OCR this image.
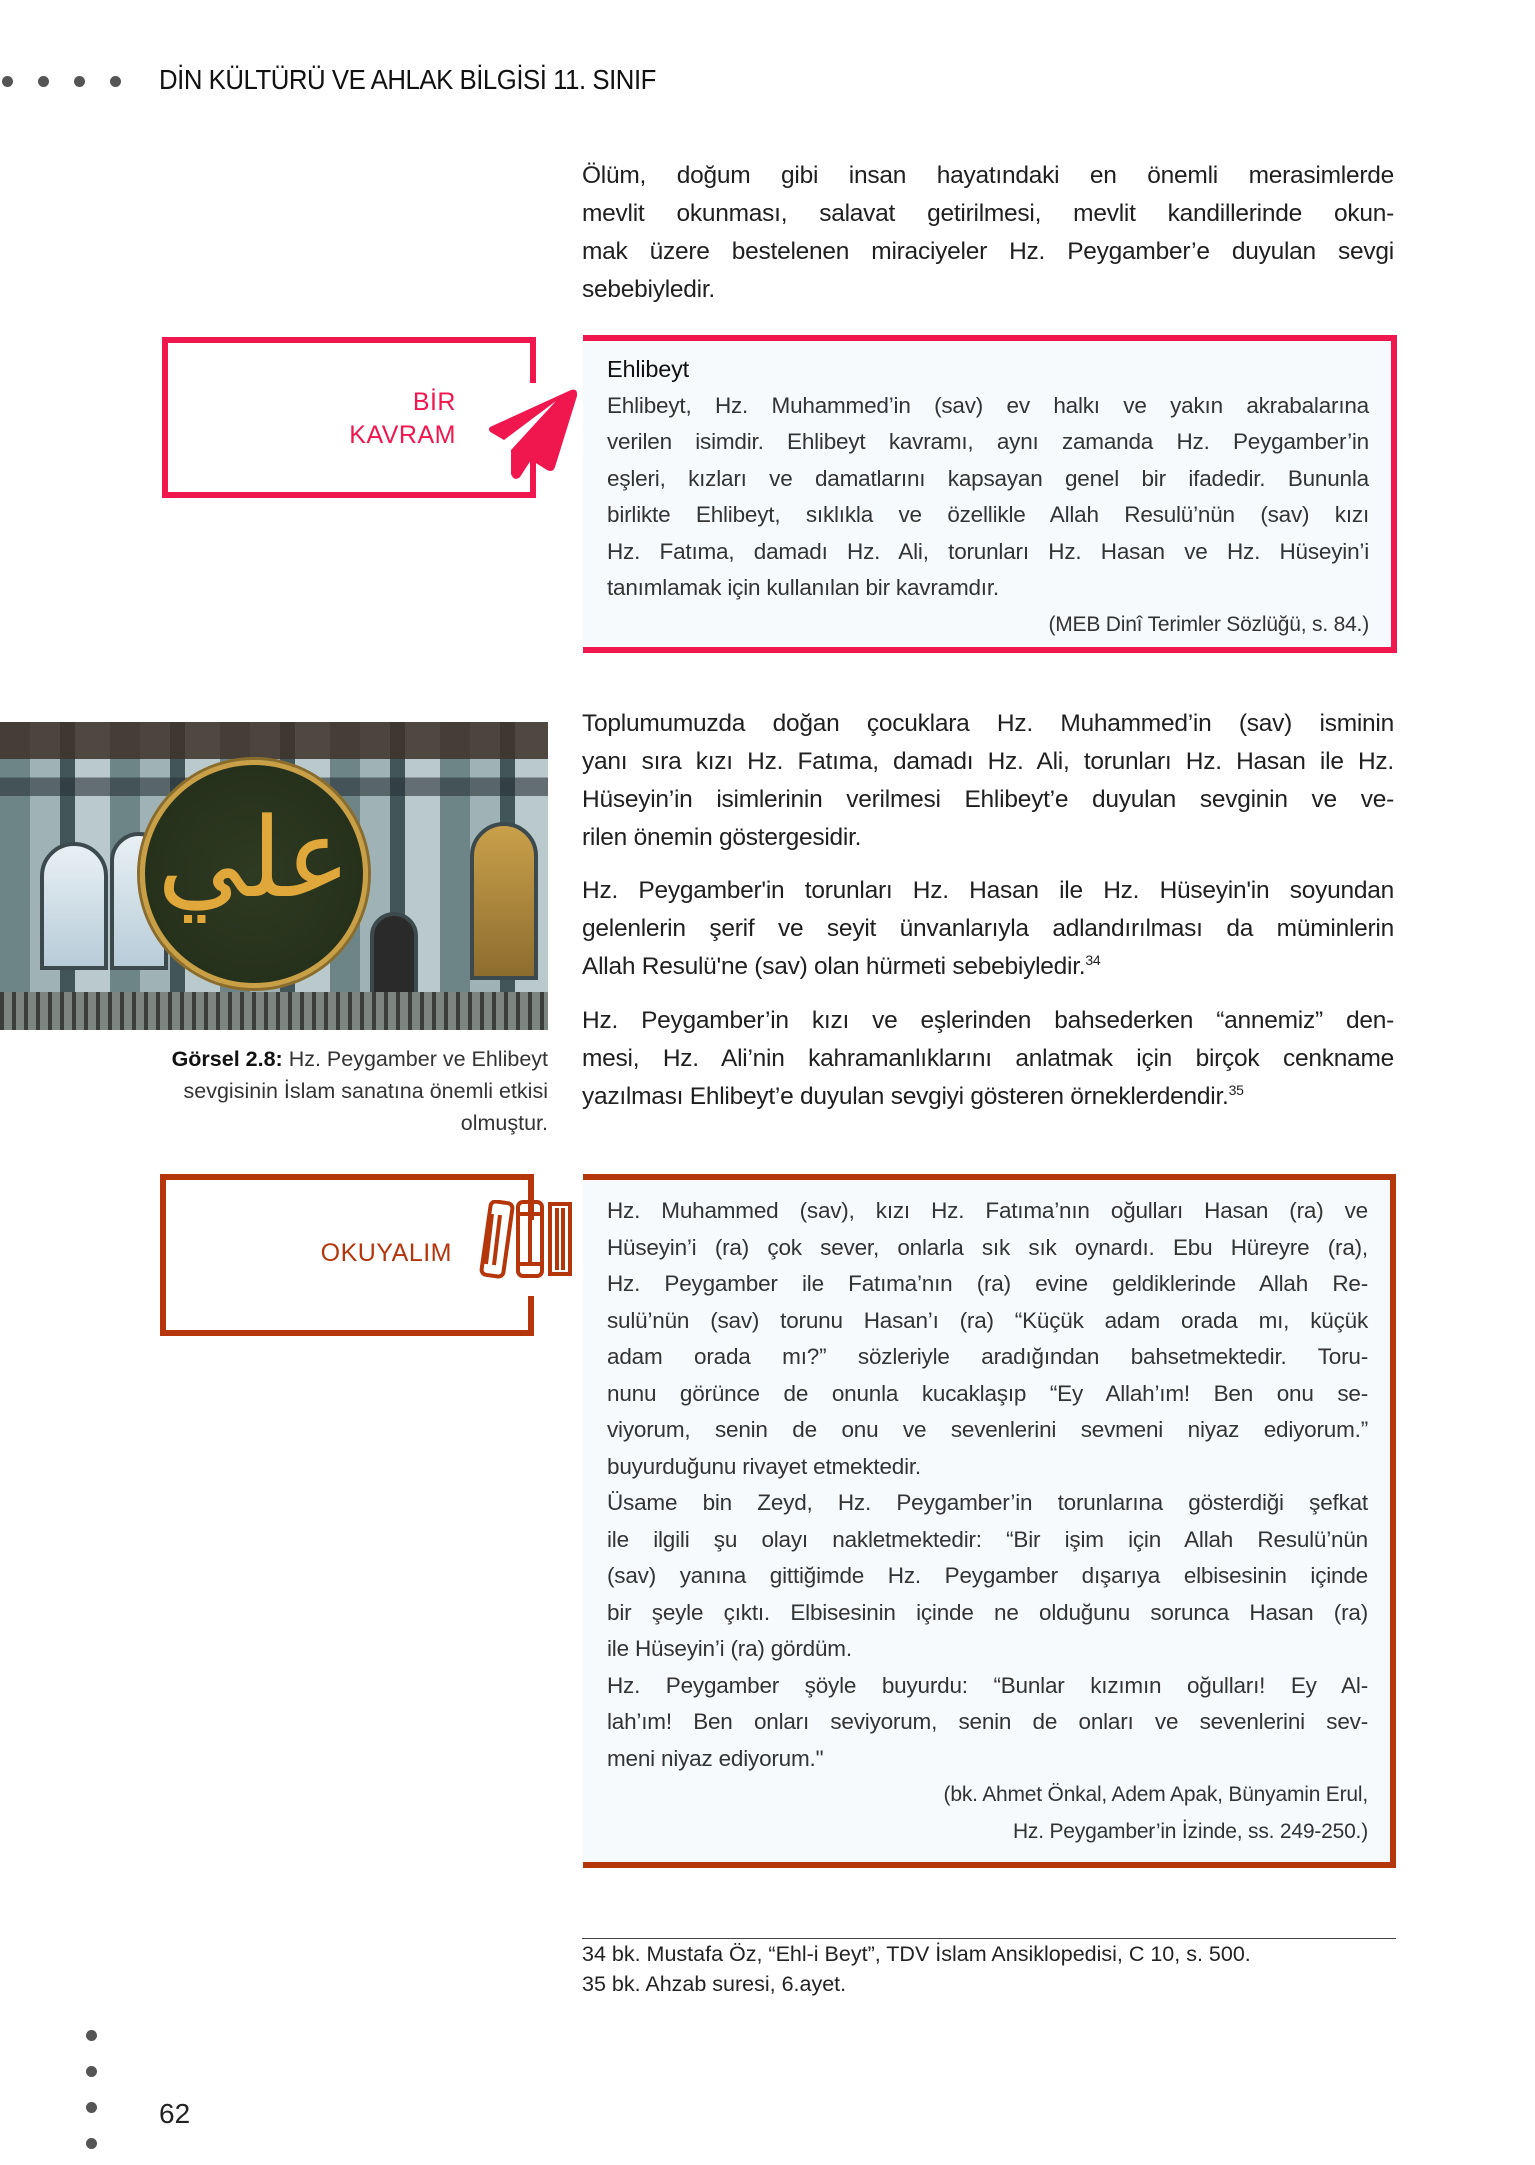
DİN KÜLTÜRÜ VE AHLAK BİLGİSİ 11. SINIF
Ölüm, doğum gibi insan hayatındaki en önemli merasimlerde
mevlit okunması, salavat getirilmesi, mevlit kandillerinde okun-
mak üzere bestelenen miraciyeler Hz. Peygamber’e duyulan sevgi
sebebiyledir.
BİR
KAVRAM
Ehlibeyt
Ehlibeyt, Hz. Muhammed’in (sav) ev halkı ve yakın akrabalarına
verilen isimdir. Ehlibeyt kavramı, aynı zamanda Hz. Peygamber’in
eşleri, kızları ve damatlarını kapsayan genel bir ifadedir. Bununla
birlikte Ehlibeyt, sıklıkla ve özellikle Allah Resulü’nün (sav) kızı
Hz. Fatıma, damadı Hz. Ali, torunları Hz. Hasan ve Hz. Hüseyin’i
tanımlamak için kullanılan bir kavramdır.
(MEB Dinî Terimler Sözlüğü, s. 84.)
علي
Görsel 2.8: Hz. Peygamber ve Ehlibeyt sevgisinin İslam sanatına önemli etkisi olmuştur.
Toplumumuzda doğan çocuklara Hz. Muhammed’in (sav) isminin
yanı sıra kızı Hz. Fatıma, damadı Hz. Ali, torunları Hz. Hasan ile Hz.
Hüseyin’in isimlerinin verilmesi Ehlibeyt’e duyulan sevginin ve ve-
rilen önemin göstergesidir.
Hz. Peygamber'in torunları Hz. Hasan ile Hz. Hüseyin'in soyundan
gelenlerin şerif ve seyit ünvanlarıyla adlandırılması da müminlerin
Allah Resulü'ne (sav) olan hürmeti sebebiyledir.$^{34}$
Hz. Peygamber’in kızı ve eşlerinden bahsederken “annemiz” den-
mesi, Hz. Ali’nin kahramanlıklarını anlatmak için birçok cenkname
yazılması Ehlibeyt’e duyulan sevgiyi gösteren örneklerdendir.$^{35}$
OKUYALIM
Hz. Muhammed (sav), kızı Hz. Fatıma’nın oğulları Hasan (ra) ve
Hüseyin’i (ra) çok sever, onlarla sık sık oynardı. Ebu Hüreyre (ra),
Hz. Peygamber ile Fatıma’nın (ra) evine geldiklerinde Allah Re-
sulü’nün (sav) torunu Hasan’ı (ra) “Küçük adam orada mı, küçük
adam orada mı?” sözleriyle aradığından bahsetmektedir. Toru-
nunu görünce de onunla kucaklaşıp “Ey Allah’ım! Ben onu se-
viyorum, senin de onu ve sevenlerini sevmeni niyaz ediyorum.”
buyurduğunu rivayet etmektedir.
Üsame bin Zeyd, Hz. Peygamber’in torunlarına gösterdiği şefkat
ile ilgili şu olayı nakletmektedir: “Bir işim için Allah Resulü’nün
(sav) yanına gittiğimde Hz. Peygamber dışarıya elbisesinin içinde
bir şeyle çıktı. Elbisesinin içinde ne olduğunu sorunca Hasan (ra)
ile Hüseyin’i (ra) gördüm.
Hz. Peygamber şöyle buyurdu: “Bunlar kızımın oğulları! Ey Al-
lah’ım! Ben onları seviyorum, senin de onları ve sevenlerini sev-
meni niyaz ediyorum."
(bk. Ahmet Önkal, Adem Apak, Bünyamin Erul,
Hz. Peygamber’in İzinde, ss. 249-250.)
34 bk. Mustafa Öz, “Ehl-i Beyt”, TDV İslam Ansiklopedisi, C 10, s. 500.
35 bk. Ahzab suresi, 6.ayet.
62
